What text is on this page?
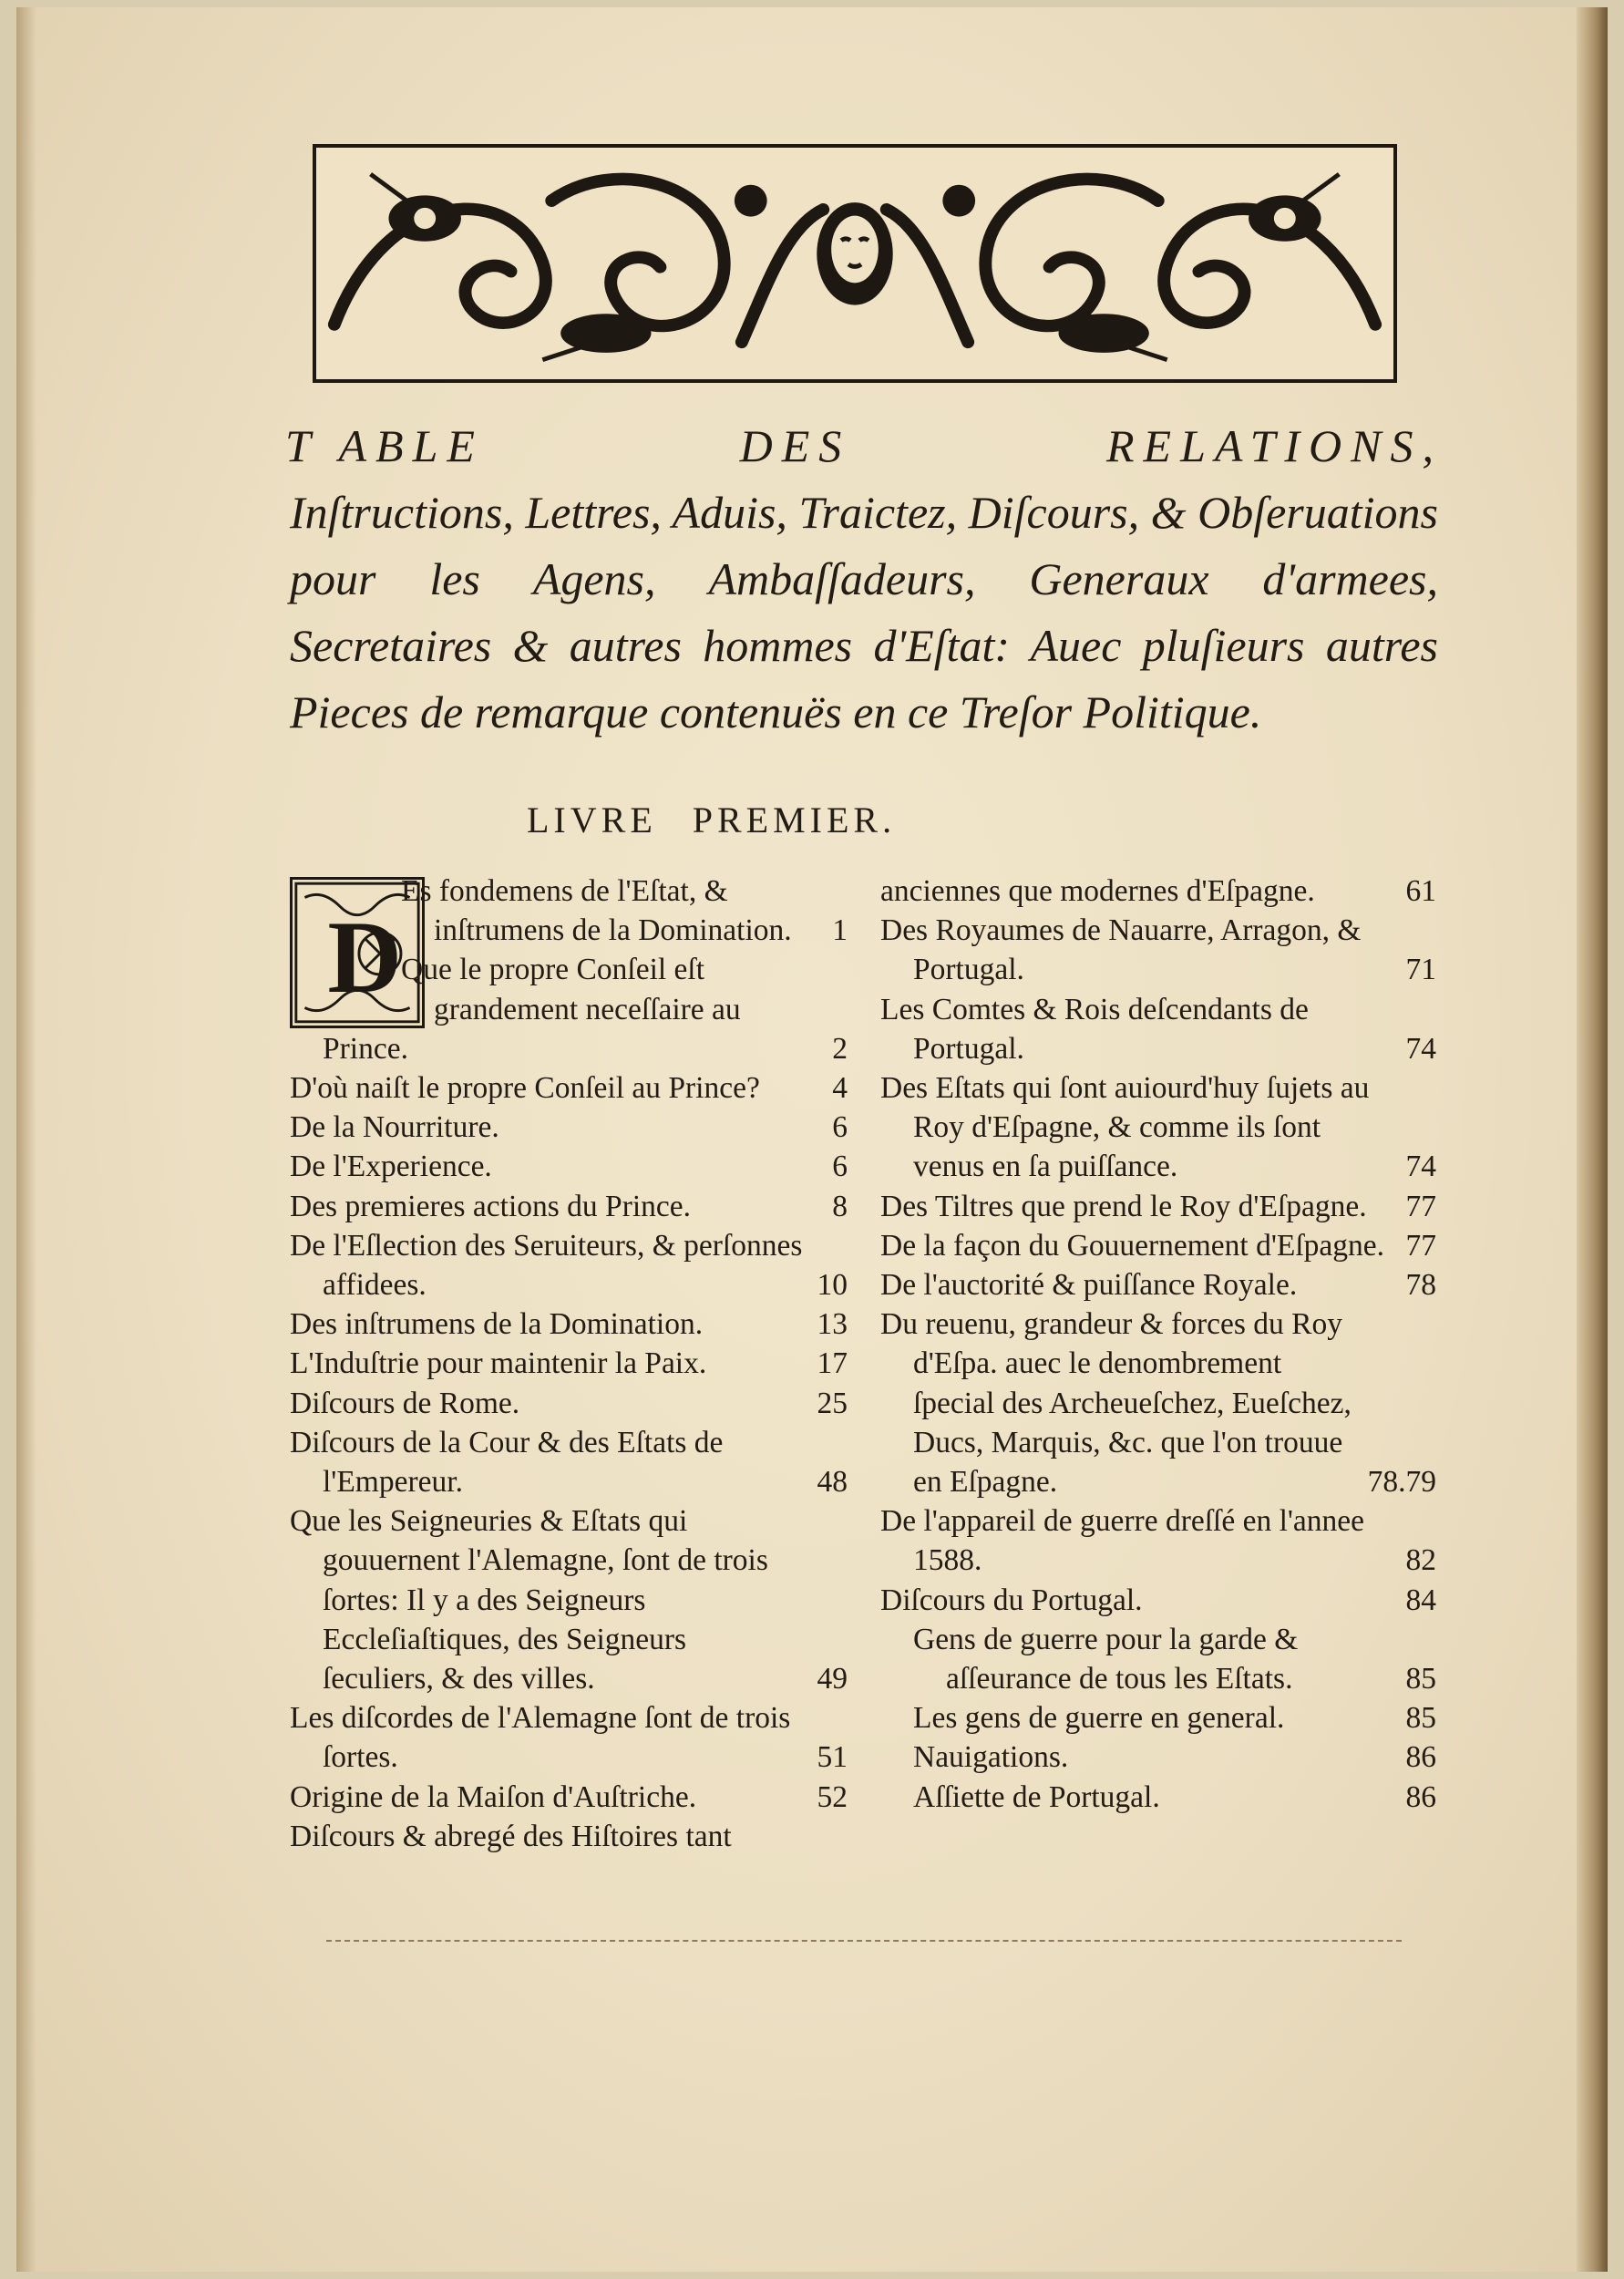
T ABLE	DES	RELATIONS,
Inſtructions, Lettres, Aduis, Traictez, Diſcours, & Obſeruations pour les Agens, Ambaſſadeurs, Generaux d'armees, Secretaires & autres hommes d'Eſtat: Auec pluſieurs autres Pieces de remarque contenuës en ce Treſor Politique.
LIVRE PREMIER.
D
Es fondemens de l'Eſtat, & inſtrumens de la Domination.	1
Que le propre Conſeil eſt grandement neceſſaire au Prince.	2
D'où naiſt le propre Conſeil au Prince?	4
De la Nourriture.	6
De l'Experience.	6
Des premieres actions du Prince.	8
De l'Eſlection des Seruiteurs, & perſonnes affidees.	10
Des inſtrumens de la Domination.	13
L'Induſtrie pour maintenir la Paix.	17
Diſcours de Rome.	25
Diſcours de la Cour & des Eſtats de l'Empereur.	48
Que les Seigneuries & Eſtats qui gouuernent l'Alemagne, ſont de trois ſortes: Il y a des Seigneurs Eccleſiaſtiques, des Seigneurs ſeculiers, & des villes.	49
Les diſcordes de l'Alemagne ſont de trois ſortes.	51
Origine de la Maiſon d'Auſtriche.	52
Diſcours & abregé des Hiſtoires tant
anciennes que modernes d'Eſpagne.	61
Des Royaumes de Nauarre, Arragon, & Portugal.	71
Les Comtes & Rois deſcendants de Portugal.	74
Des Eſtats qui ſont auiourd'huy ſujets au Roy d'Eſpagne, & comme ils ſont venus en ſa puiſſance.	74
Des Tiltres que prend le Roy d'Eſpagne.	77
De la façon du Gouuernement d'Eſpagne. 77
De l'auctorité & puiſſance Royale.	78
Du reuenu, grandeur & forces du Roy d'Eſpa. auec le denombrement ſpecial des Archeueſchez, Eueſchez, Ducs, Marquis, &c. que l'on trouue en Eſpagne.	78.79
De l'appareil de guerre dreſſé en l'annee 1588.	82
Diſcours du Portugal.	84
Gens de guerre pour la garde & aſſeurance de tous les Eſtats.	85
Les gens de guerre en general.	85
Nauigations.	86
Aſſiette de Portugal.	86
